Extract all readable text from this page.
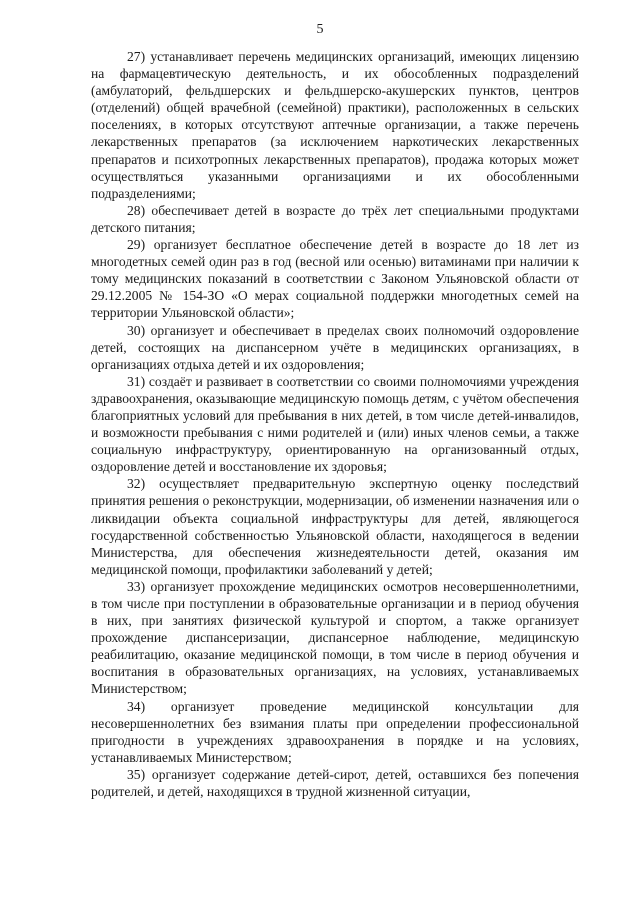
5

27) устанавливает перечень медицинских организаций, имеющих лицензию на фармацевтическую деятельность, и их обособленных подразделений (амбулаторий, фельдшерских и фельдшерско-акушерских пунктов, центров (отделений) общей врачебной (семейной) практики), расположенных в сельских поселениях, в которых отсутствуют аптечные организации, а также перечень лекарственных препаратов (за исключением наркотических лекарственных препаратов и психотропных лекарственных препаратов), продажа которых может осуществляться указанными организациями и их обособленными подразделениями;

28) обеспечивает детей в возрасте до трёх лет специальными продуктами детского питания;

29) организует бесплатное обеспечение детей в возрасте до 18 лет из многодетных семей один раз в год (весной или осенью) витаминами при наличии к тому медицинских показаний в соответствии с Законом Ульяновской области от 29.12.2005 № 154-ЗО «О мерах социальной поддержки многодетных семей на территории Ульяновской области»;

30) организует и обеспечивает в пределах своих полномочий оздоровление детей, состоящих на диспансерном учёте в медицинских организациях, в организациях отдыха детей и их оздоровления;

31) создаёт и развивает в соответствии со своими полномочиями учреждения здравоохранения, оказывающие медицинскую помощь детям, с учётом обеспечения благоприятных условий для пребывания в них детей, в том числе детей-инвалидов, и возможности пребывания с ними родителей и (или) иных членов семьи, а также социальную инфраструктуру, ориентированную на организованный отдых, оздоровление детей и восстановление их здоровья;

32) осуществляет предварительную экспертную оценку последствий принятия решения о реконструкции, модернизации, об изменении назначения или о ликвидации объекта социальной инфраструктуры для детей, являющегося государственной собственностью Ульяновской области, находящегося в ведении Министерства, для обеспечения жизнедеятельности детей, оказания им медицинской помощи, профилактики заболеваний у детей;

33) организует прохождение медицинских осмотров несовершеннолетними, в том числе при поступлении в образовательные организации и в период обучения в них, при занятиях физической культурой и спортом, а также организует прохождение диспансеризации, диспансерное наблюдение, медицинскую реабилитацию, оказание медицинской помощи, в том числе в период обучения и воспитания в образовательных организациях, на условиях, устанавливаемых Министерством;

34) организует проведение медицинской консультации для несовершеннолетних без взимания платы при определении профессиональной пригодности в учреждениях здравоохранения в порядке и на условиях, устанавливаемых Министерством;

35) организует содержание детей-сирот, детей, оставшихся без попечения родителей, и детей, находящихся в трудной жизненной ситуации,
